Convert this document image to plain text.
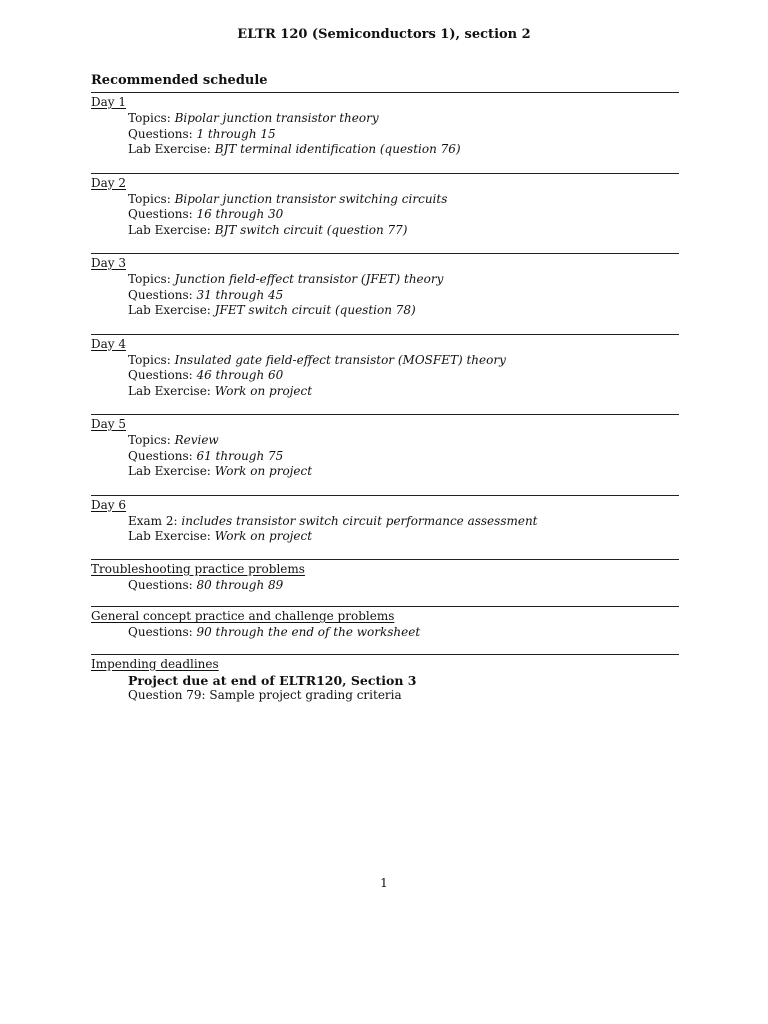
ELTR 120 (Semiconductors 1), section 2
Recommended schedule
Day 1
Topics: Bipolar junction transistor theory
Questions: 1 through 15
Lab Exercise: BJT terminal identification (question 76)
Day 2
Topics: Bipolar junction transistor switching circuits
Questions: 16 through 30
Lab Exercise: BJT switch circuit (question 77)
Day 3
Topics: Junction field-effect transistor (JFET) theory
Questions: 31 through 45
Lab Exercise: JFET switch circuit (question 78)
Day 4
Topics: Insulated gate field-effect transistor (MOSFET) theory
Questions: 46 through 60
Lab Exercise: Work on project
Day 5
Topics: Review
Questions: 61 through 75
Lab Exercise: Work on project
Day 6
Exam 2: includes transistor switch circuit performance assessment
Lab Exercise: Work on project
Troubleshooting practice problems
Questions: 80 through 89
General concept practice and challenge problems
Questions: 90 through the end of the worksheet
Impending deadlines
Project due at end of ELTR120, Section 3
Question 79: Sample project grading criteria
1
